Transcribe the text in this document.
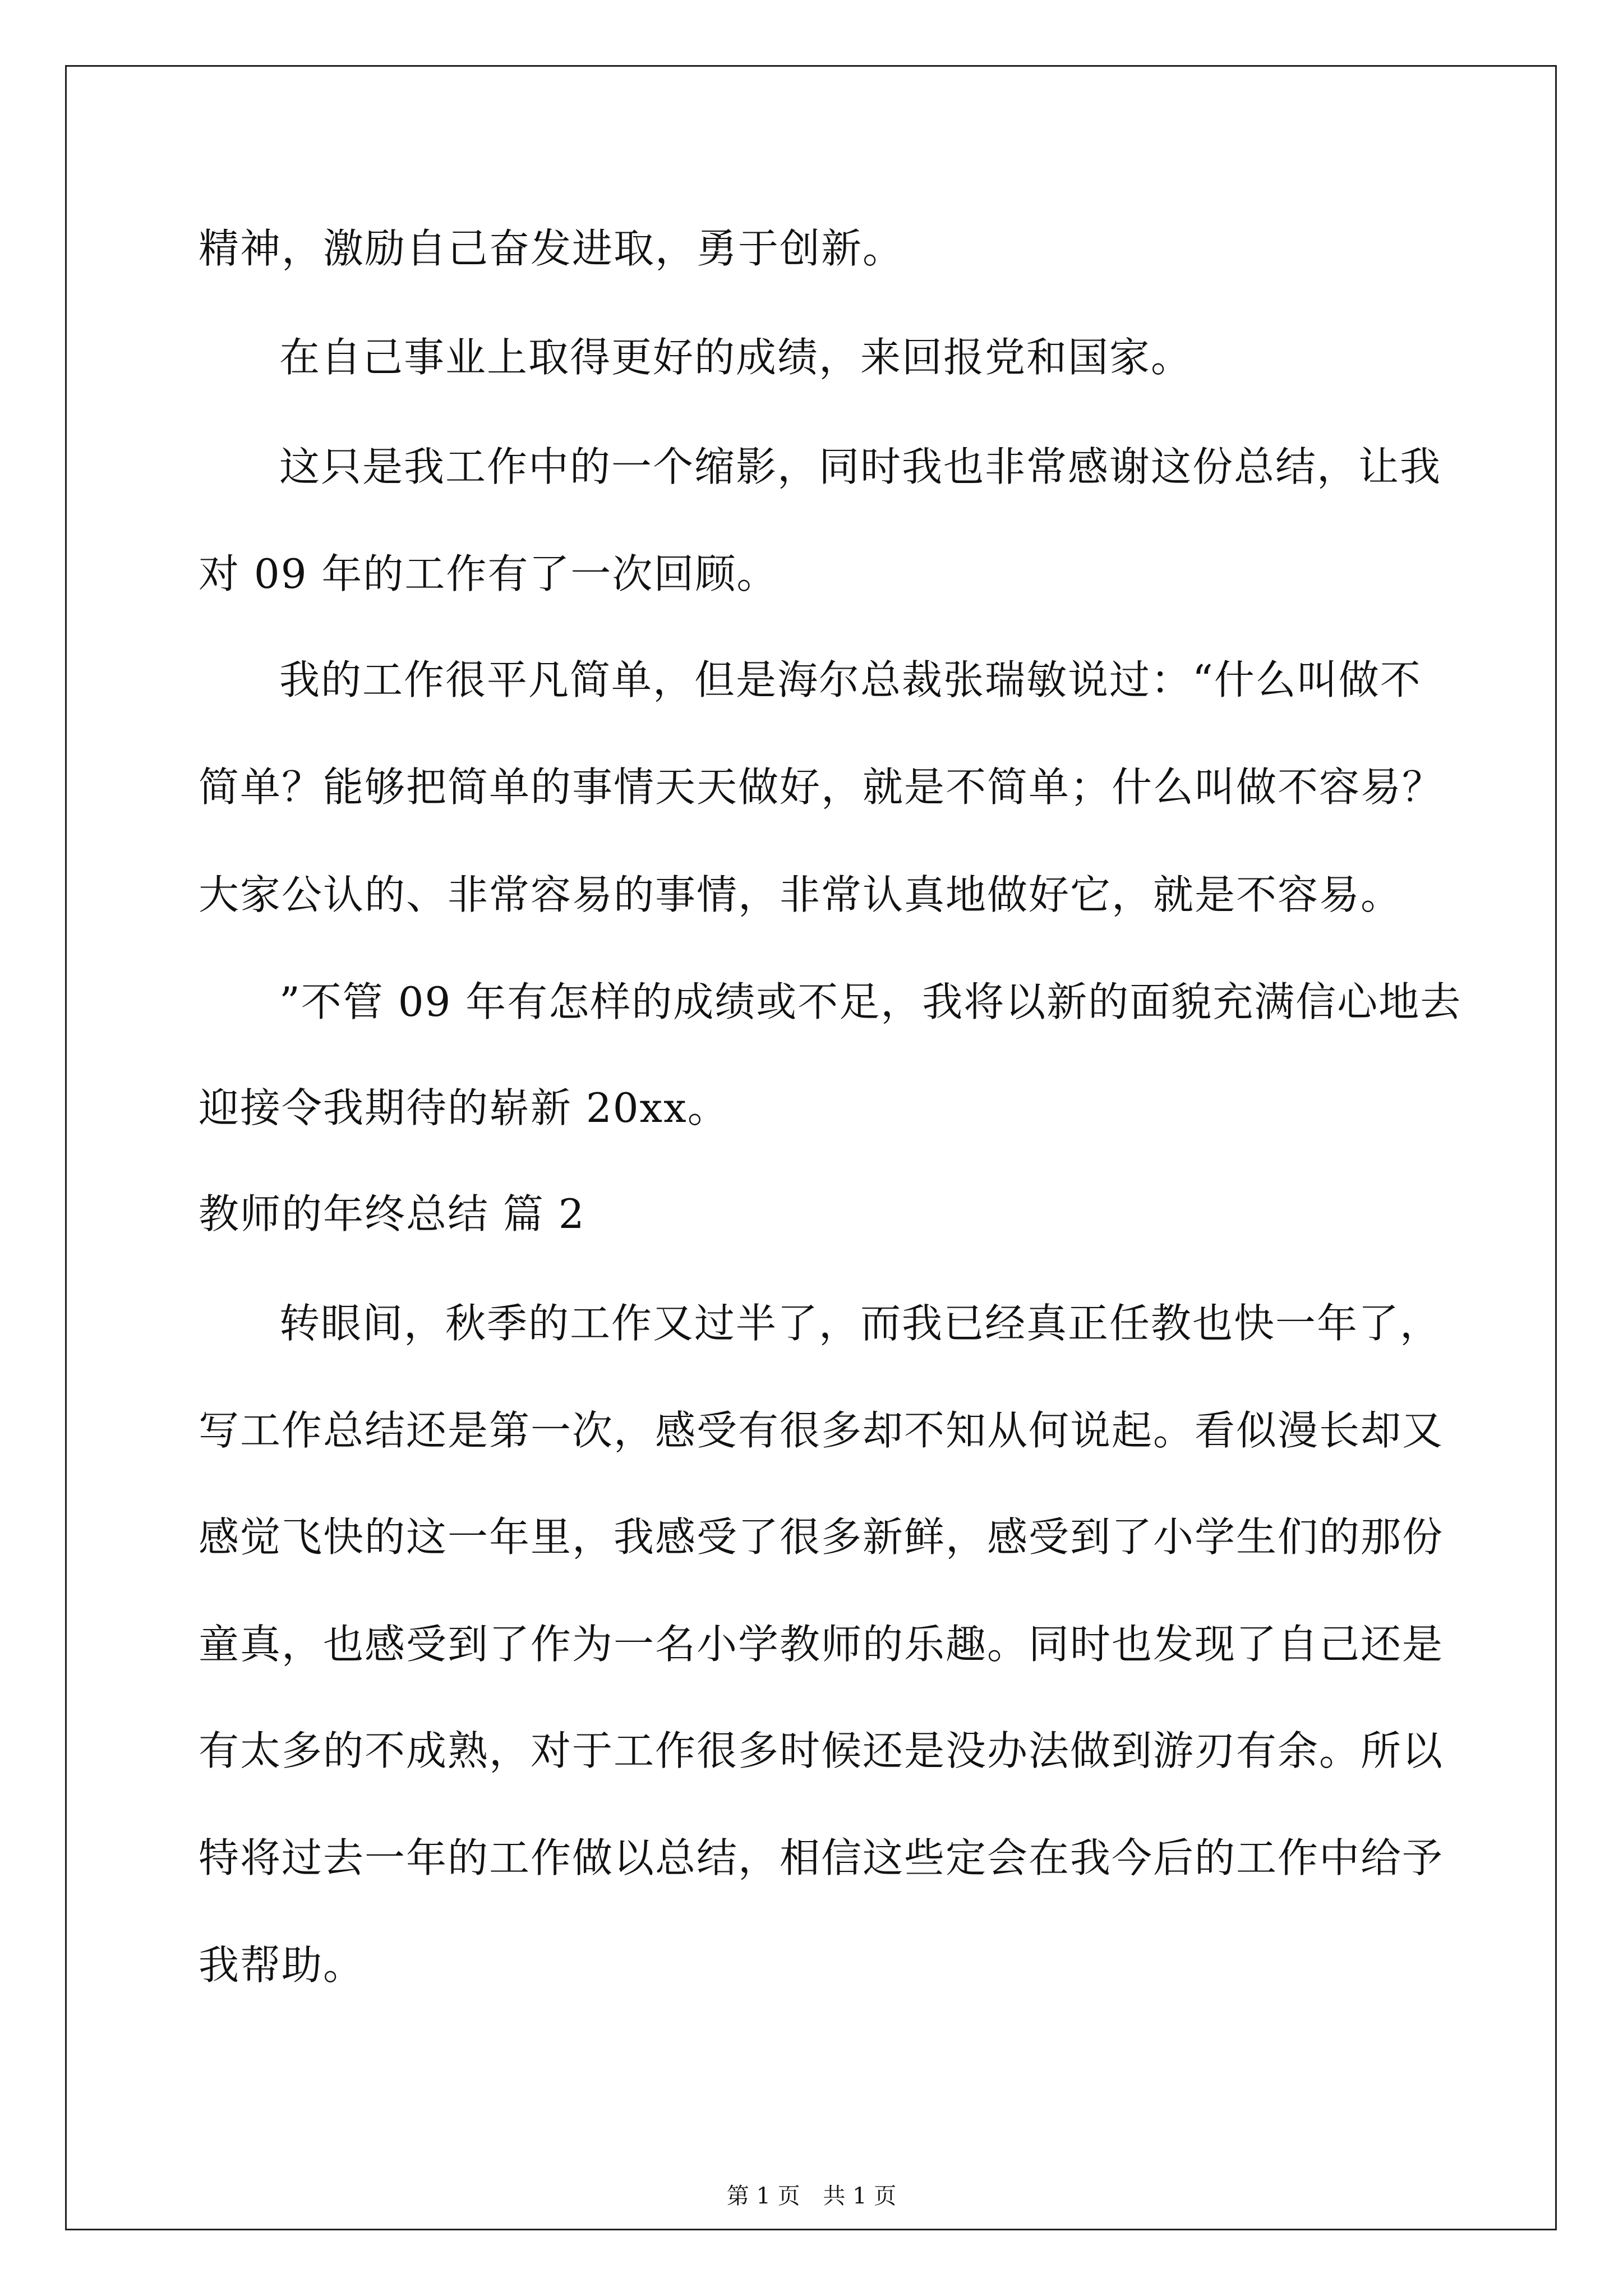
精神，激励自己奋发进取，勇于创新。
在自己事业上取得更好的成绩，来回报党和国家。
这只是我工作中的一个缩影，同时我也非常感谢这份总结，让我
对 09 年的工作有了一次回顾。
我的工作很平凡简单，但是海尔总裁张瑞敏说过：“什么叫做不
简单？能够把简单的事情天天做好，就是不简单；什么叫做不容易？
大家公认的、非常容易的事情，非常认真地做好它，就是不容易。
”不管 09 年有怎样的成绩或不足，我将以新的面貌充满信心地去
迎接令我期待的崭新 20xx。
教师的年终总结 篇 2
转眼间，秋季的工作又过半了，而我已经真正任教也快一年了，
写工作总结还是第一次，感受有很多却不知从何说起。看似漫长却又
感觉飞快的这一年里，我感受了很多新鲜，感受到了小学生们的那份
童真，也感受到了作为一名小学教师的乐趣。同时也发现了自己还是
有太多的不成熟，对于工作很多时候还是没办法做到游刃有余。所以
特将过去一年的工作做以总结，相信这些定会在我今后的工作中给予
我帮助。
第 1 页 共 1 页
